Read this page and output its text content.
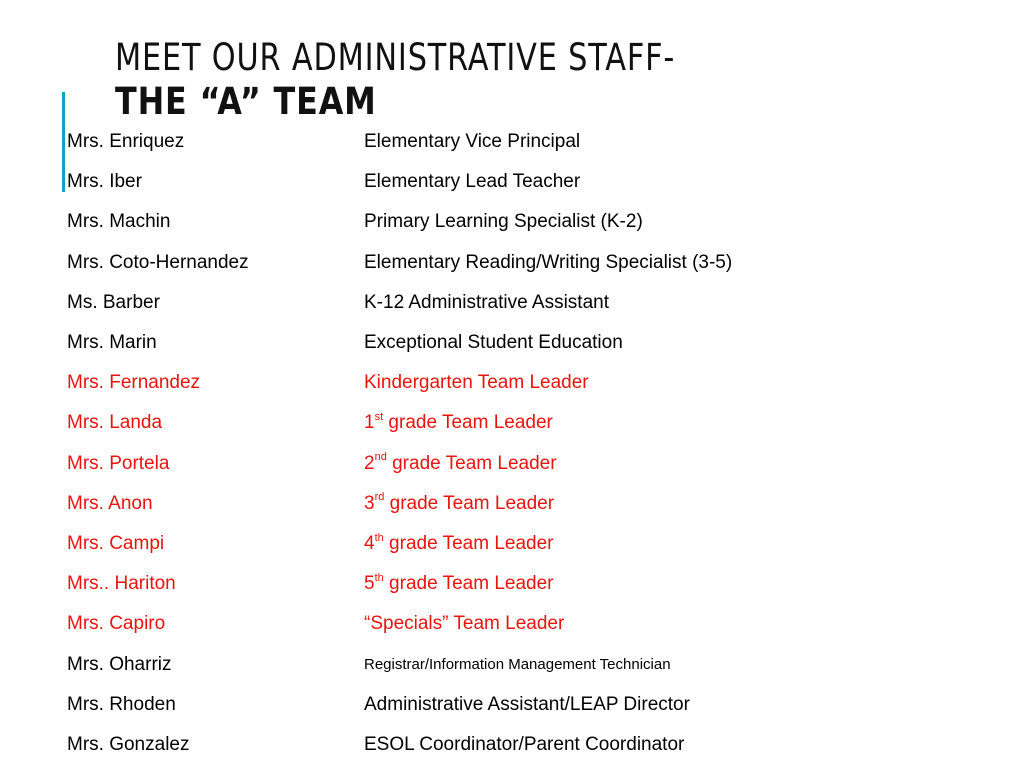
MEET OUR ADMINISTRATIVE STAFF-
THE “A” TEAM
Mrs. Enriquez	Elementary Vice Principal
Mrs. Iber	Elementary Lead Teacher
Mrs. Machin	Primary Learning Specialist (K-2)
Mrs. Coto-Hernandez	Elementary Reading/Writing Specialist (3-5)
Ms. Barber	K-12 Administrative Assistant
Mrs. Marin	Exceptional Student Education
Mrs. Fernandez	Kindergarten Team Leader
Mrs. Landa	1st grade Team Leader
Mrs. Portela	2nd grade Team Leader
Mrs. Anon	3rd grade Team Leader
Mrs. Campi	4th grade Team Leader
Mrs.. Hariton	5th grade Team Leader
Mrs. Capiro	“Specials” Team Leader
Mrs. Oharriz	Registrar/Information Management Technician
Mrs. Rhoden	Administrative Assistant/LEAP Director
Mrs. Gonzalez	ESOL Coordinator/Parent Coordinator
